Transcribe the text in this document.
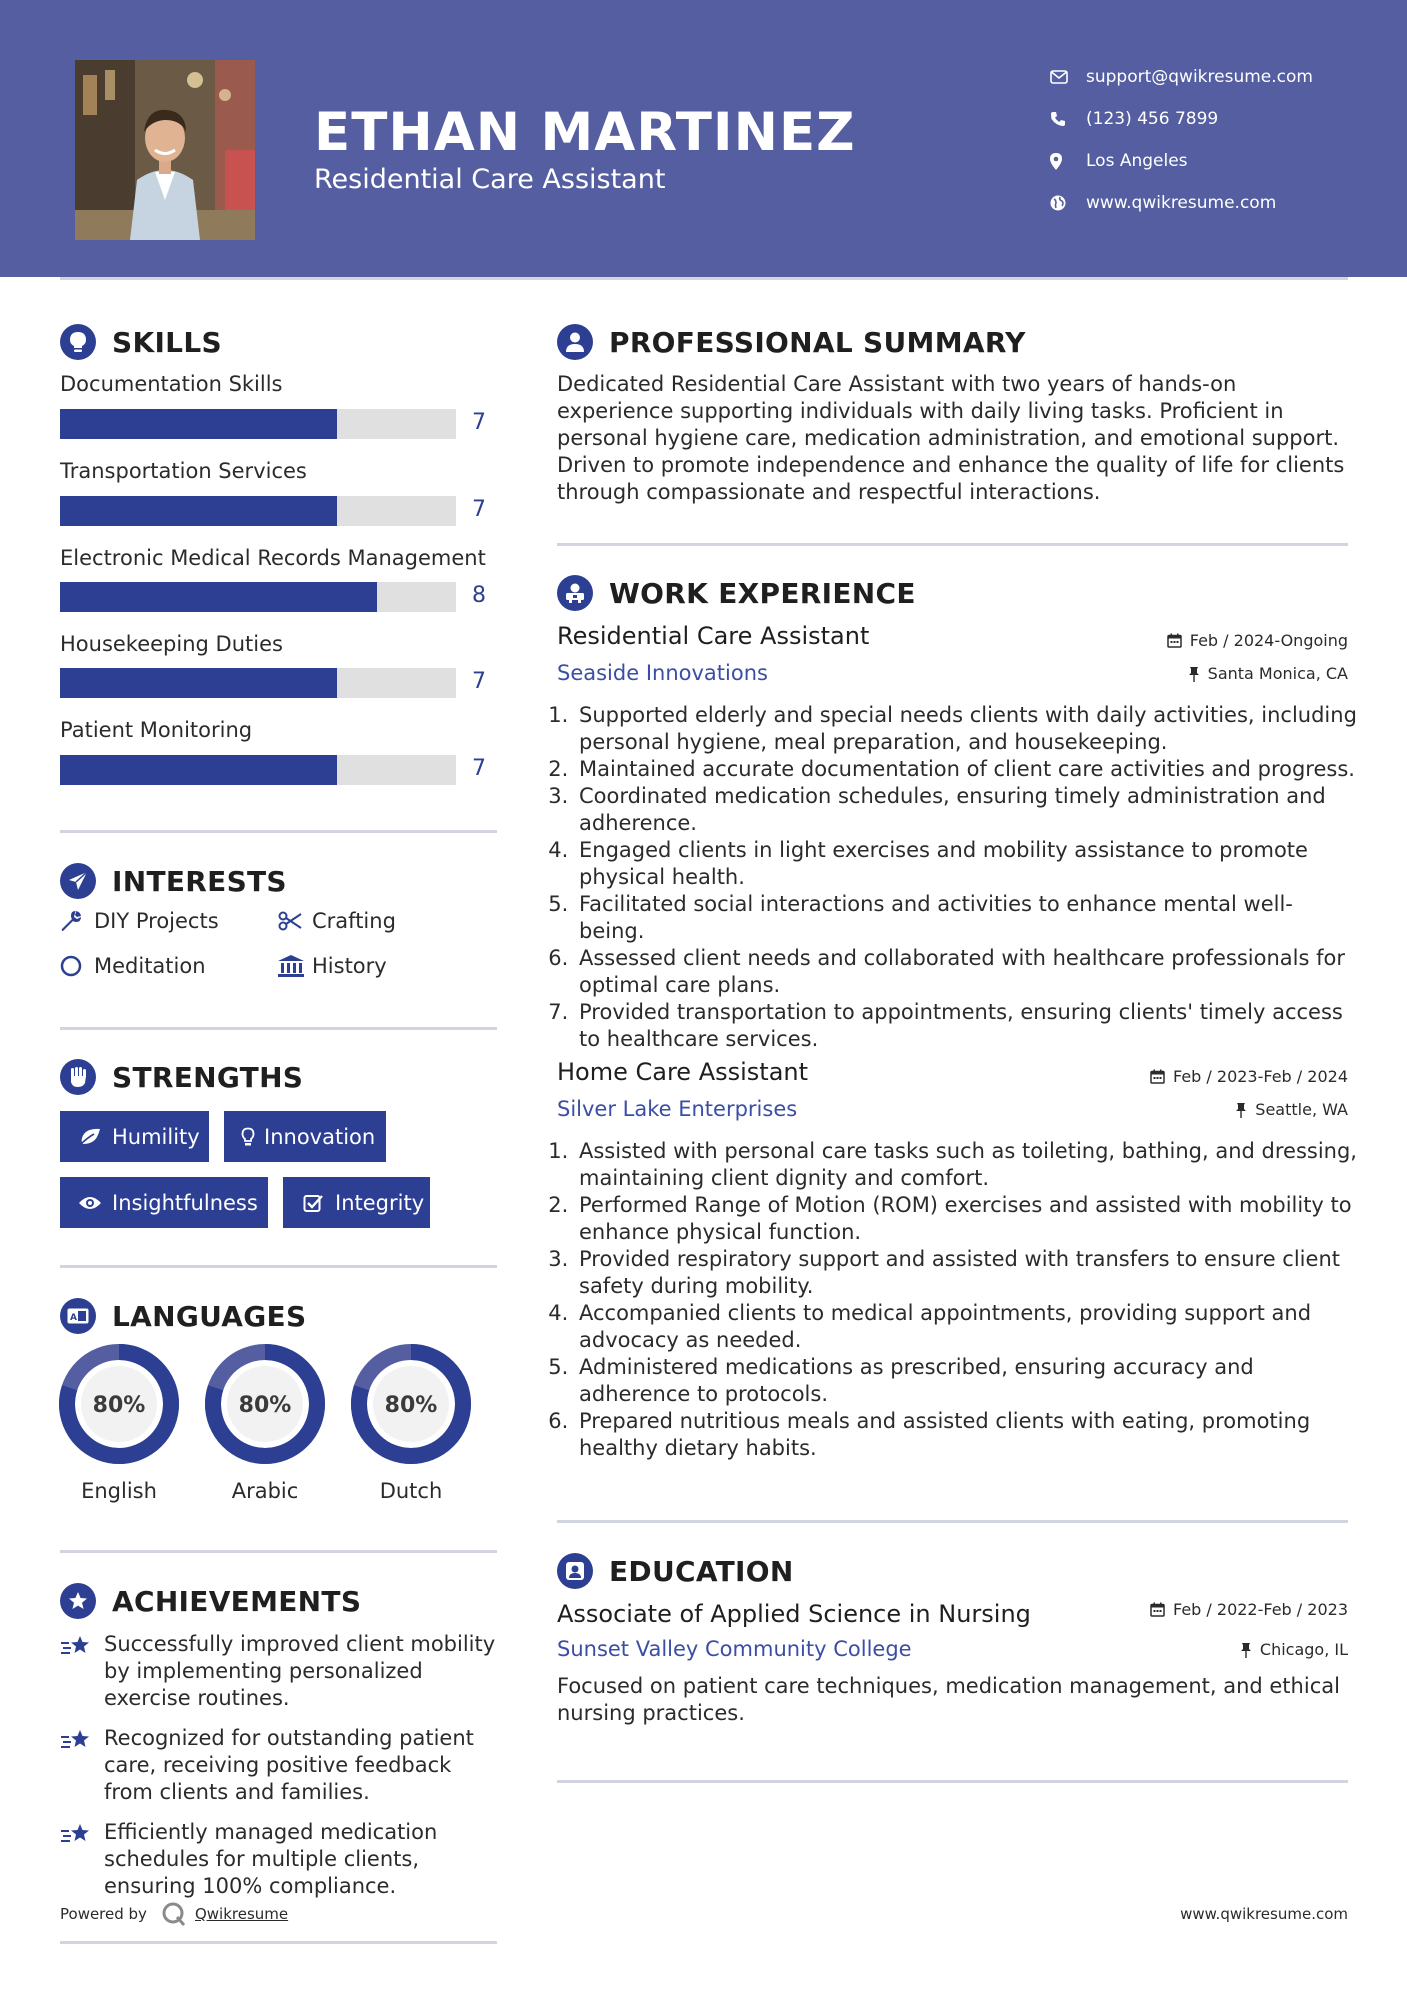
ETHAN MARTINEZ
Residential Care Assistant
support@qwikresume.com
(123) 456 7899
Los Angeles
www.qwikresume.com
SKILLS
Documentation Skills
7
Transportation Services
7
Electronic Medical Records Management
8
Housekeeping Duties
7
Patient Monitoring
7
INTERESTS
DIY Projects	Crafting
Meditation	History
STRENGTHS
Humility	Innovation
Insightfulness	Integrity
A LANGUAGES
80%
English
80%
Arabic
80%
Dutch
ACHIEVEMENTS
Successfully improved client mobility by implementing personalized exercise routines.
Recognized for outstanding patient care, receiving positive feedback from clients and families.
Efficiently managed medication schedules for multiple clients, ensuring 100% compliance.
Powered by	Qwikresume
PROFESSIONAL SUMMARY
Dedicated Residential Care Assistant with two years of hands-on experience supporting individuals with daily living tasks. Proficient in personal hygiene care, medication administration, and emotional support. Driven to promote independence and enhance the quality of life for clients through compassionate and respectful interactions.
WORK EXPERIENCE
Residential Care Assistant	Feb / 2024-Ongoing
Seaside Innovations	Santa Monica, CA
1. Supported elderly and special needs clients with daily activities, including personal hygiene, meal preparation, and housekeeping.
2. Maintained accurate documentation of client care activities and progress.
3. Coordinated medication schedules, ensuring timely administration and adherence.
4. Engaged clients in light exercises and mobility assistance to promote physical health.
5. Facilitated social interactions and activities to enhance mental well-being.
6. Assessed client needs and collaborated with healthcare professionals for optimal care plans.
7. Provided transportation to appointments, ensuring clients' timely access to healthcare services.
Home Care Assistant	Feb / 2023-Feb / 2024
Silver Lake Enterprises	Seattle, WA
1. Assisted with personal care tasks such as toileting, bathing, and dressing, maintaining client dignity and comfort.
2. Performed Range of Motion (ROM) exercises and assisted with mobility to enhance physical function.
3. Provided respiratory support and assisted with transfers to ensure client safety during mobility.
4. Accompanied clients to medical appointments, providing support and advocacy as needed.
5. Administered medications as prescribed, ensuring accuracy and adherence to protocols.
6. Prepared nutritious meals and assisted clients with eating, promoting healthy dietary habits.
EDUCATION
Associate of Applied Science in Nursing	Feb / 2022-Feb / 2023
Sunset Valley Community College	Chicago, IL
Focused on patient care techniques, medication management, and ethical nursing practices.
www.qwikresume.com
